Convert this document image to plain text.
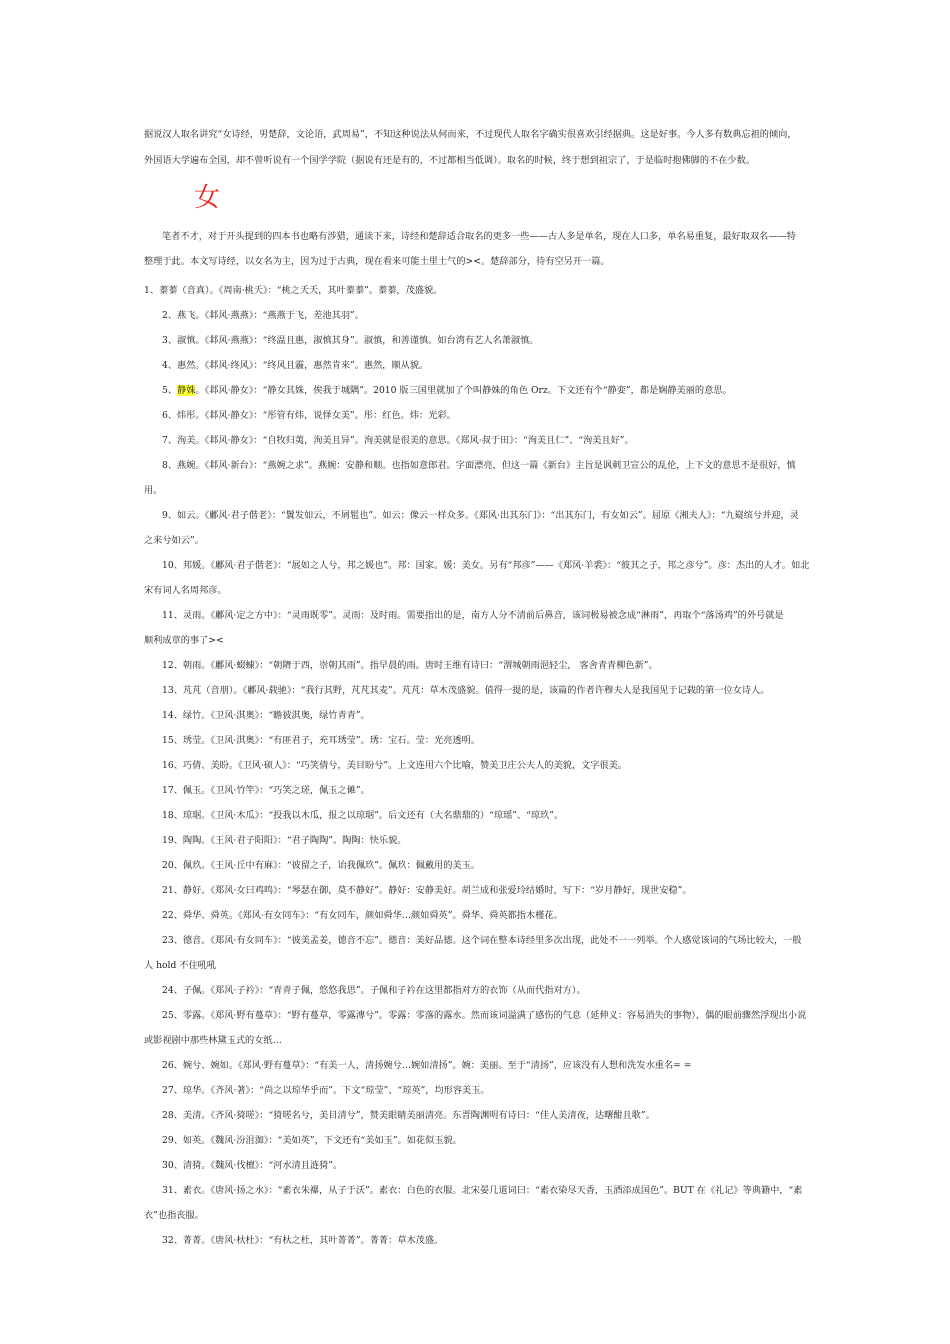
据说汉人取名讲究“女诗经，男楚辞，文论语，武周易”，不知这种说法从何而来，不过现代人取名字确实很喜欢引经据典。这是好事。今人多有数典忘祖的倾向，
外国语大学遍布全国，却不曾听说有一个国学学院（据说有还是有的，不过都相当低调）。取名的时候，终于想到祖宗了，于是临时抱佛脚的不在少数。
女
笔者不才，对于开头提到的四本书也略有涉猎，通读下来，诗经和楚辞适合取名的更多一些——古人多是单名，现在人口多，单名易重复，最好取双名——特
整理于此。本文写诗经，以女名为主，因为过于古典，现在看来可能土里土气的><。楚辞部分，待有空另开一篇。
1、蓁蓁（音真）。《周南·桃夭》：“桃之夭夭，其叶蓁蓁”。蓁蓁，茂盛貌。
2、燕飞。《邶风·燕燕》：“燕燕于飞，差池其羽”。
3、淑慎。《邶风·燕燕》：“终温且惠，淑慎其身”。淑慎，和善谨慎。如台湾有艺人名萧淑慎。
4、惠然。《邶风·终风》：“终风且霾，惠然肯来”。惠然，顺从貌。
5、静姝。《邶风·静女》：“静女其姝，俟我于城隅”。2010 版三国里就加了个叫静姝的角色 Orz。下文还有个“静娈”，都是娴静美丽的意思。
6、炜彤。《邶风·静女》：“彤管有炜，说怿女美”。彤：红色。炜：光彩。
7、洵美。《邶风·静女》：“自牧归荑，洵美且异”。洵美就是很美的意思。《郑风·叔于田》：“洵美且仁”、“洵美且好”。
8、燕婉。《邶风·新台》：“燕婉之求”。燕婉：安静和顺。也指如意郎君。字面漂亮，但这一篇《新台》主旨是讽刺卫宣公的乱伦，上下文的意思不是很好，慎用。
9、如云。《鄘风·君子偕老》：“鬒发如云，不屑髢也”。如云：像云一样众多。《郑风·出其东门》：“出其东门，有女如云”。屈原《湘夫人》：“九嶷缤兮并迎，灵
之来兮如云”。
10、邦媛。《鄘风·君子偕老》：“展如之人兮，邦之媛也”。邦：国家。媛：美女。另有“邦彦”——《郑风·羊裘》：“彼其之子，邦之彦兮”。彦：杰出的人才。如北
宋有词人名周邦彦。
11、灵雨。《鄘风·定之方中》：“灵雨既零”。灵雨：及时雨。需要指出的是，南方人分不清前后鼻音，该词极易被念成“淋雨”，再取个“落汤鸡”的外号就是
顺利成章的事了><
12、朝雨。《鄘风·蝃蝀》：“朝隮于西，崇朝其雨”。指早晨的雨。唐时王维有诗曰：“渭城朝雨浥轻尘， 客舍青青柳色新”。
13、芃芃（音朋）。《鄘风·载驰》：“我行其野，芃芃其麦”。芃芃：草木茂盛貌。值得一提的是，该篇的作者许穆夫人是我国见于记载的第一位女诗人。
14、绿竹。《卫风·淇奥》：“瞻彼淇奥，绿竹青青”。
15、琇莹。《卫风·淇奥》：“有匪君子，充耳琇莹”。琇：宝石。莹：光亮透明。
16、巧倩、美盼。《卫风·硕人》：“巧笑倩兮，美目盼兮”。上文连用六个比喻，赞美卫庄公夫人的美貌，文字很美。
17、佩玉。《卫风·竹竿》：“巧笑之瑳，佩玉之傩”。
18、琼琚。《卫风·木瓜》：“投我以木瓜，报之以琼琚”。后文还有（大名鼎鼎的）“琼瑶”、“琼玖”。
19、陶陶。《王风·君子阳阳》：“君子陶陶”。陶陶：快乐貌。
20、佩玖。《王风·丘中有麻》：“彼留之子，诒我佩玖”。佩玖：佩戴用的美玉。
21、静好。《郑风·女曰鸡鸣》：“琴瑟在御，莫不静好”。静好：安静美好。胡兰成和张爱玲结婚时，写下：“岁月静好，现世安稳”。
22、舜华、舜英。《郑风·有女同车》：“有女同车，颜如舜华…颜如舜英”。舜华、舜英都指木槿花。
23、德音。《郑风·有女同车》：“彼美孟姜，德音不忘”。德音：美好品德。这个词在整本诗经里多次出现，此处不一一列举。个人感觉该词的气场比较大，一般
人 hold 不住吼吼
24、子佩。《郑风·子衿》：“青青子佩，悠悠我思”。子佩和子衿在这里都指对方的衣饰（从而代指对方）。
25、零露。《郑风·野有蔓草》：“野有蔓草，零露漙兮”。零露：零落的露水。然而该词溢满了感伤的气息（延伸义：容易消失的事物），偶的眼前骤然浮现出小说
或影视剧中那些林黛玉式的女纸…
26、婉兮、婉如。《郑风·野有蔓草》：“有美一人，清扬婉兮…婉如清扬”。婉：美丽。至于“清扬”，应该没有人想和洗发水重名= =
27、琼华。《齐风·著》：“尚之以琼华乎而”。下文“琼莹”、“琼英”，均形容美玉。
28、美清。《齐风·猗嗟》：“猗嗟名兮，美目清兮”，赞美眼睛美丽清亮。东晋陶渊明有诗曰：“佳人美清夜，达曙酣且歌”。
29、如英。《魏风·汾沮洳》：“美如英”，下文还有“美如玉”。如花似玉貌。
30、清猗。《魏风·伐檀》：“河水清且涟猗”。
31、素衣。《唐风·扬之水》：“素衣朱襮，从子于沃”。素衣：白色的衣服。北宋晏几道词曰：“素衣染尽天香，玉酒添成国色”。BUT 在《礼记》等典籍中，“素
衣”也指丧服。
32、菁菁。《唐风·杕杜》：“有杕之杜，其叶菁菁”。菁菁：草木茂盛。
